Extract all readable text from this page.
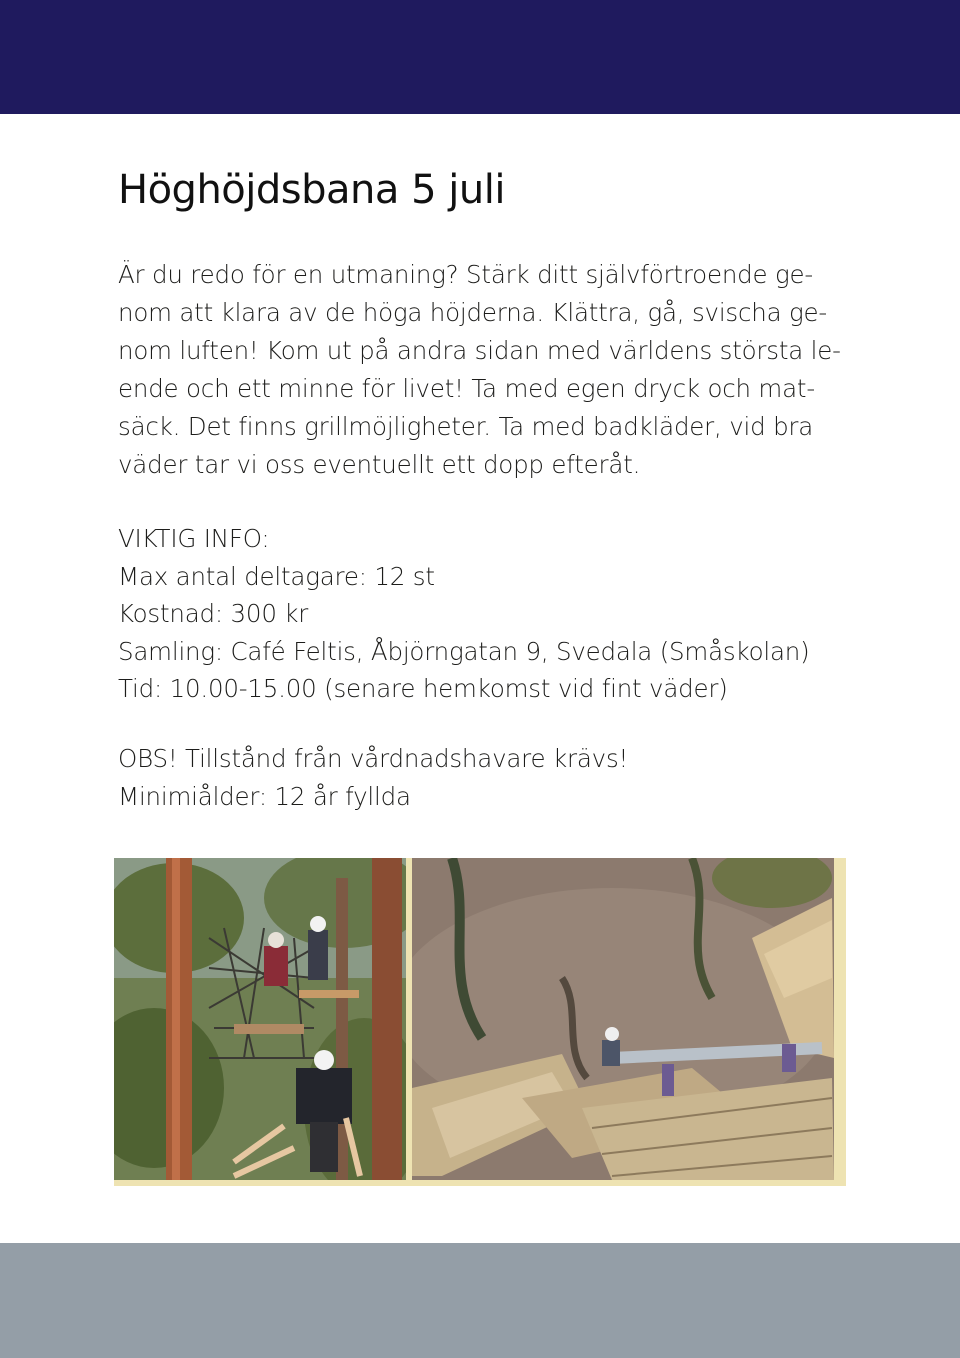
Höghöjdsbana 5 juli
Är du redo för en utmaning? Stärk ditt självförtroende ge-
nom att klara av de höga höjderna. Klättra, gå, svischa ge-
nom luften! Kom ut på andra sidan med världens största le-
ende och ett minne för livet! Ta med egen dryck och mat-
säck. Det finns grillmöjligheter. Ta med badkläder, vid bra
väder tar vi oss eventuellt ett dopp efteråt.
VIKTIG INFO:
Max antal deltagare: 12 st
Kostnad: 300 kr
Samling: Café Feltis, Åbjörngatan 9, Svedala (Småskolan)
Tid: 10.00-15.00 (senare hemkomst vid fint väder)
OBS! Tillstånd från vårdnadshavare krävs!
Minimiålder: 12 år fyllda
